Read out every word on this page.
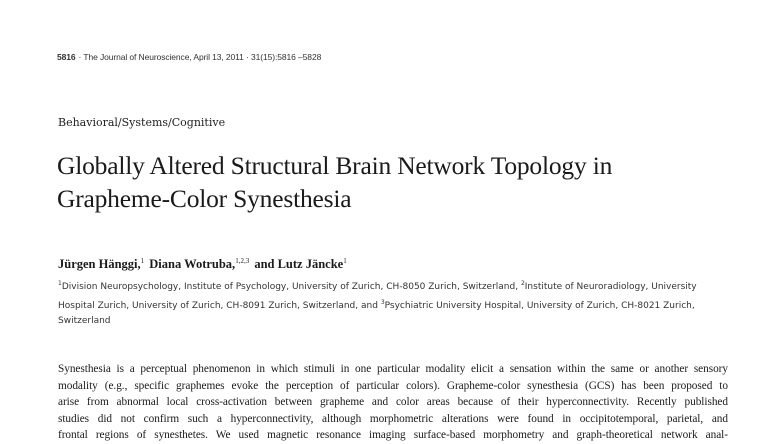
5816 · The Journal of Neuroscience, April 13, 2011 · 31(15):5816 –5828
Behavioral/Systems/Cognitive
Globally Altered Structural Brain Network Topology in
Grapheme-Color Synesthesia
Jürgen Hänggi,$^1$ Diana Wotruba,$^{1,2,3}$ and Lutz Jäncke$^1$
$^1$Division Neuropsychology, Institute of Psychology, University of Zurich, CH-8050 Zurich, Switzerland, $^2$Institute of Neuroradiology, University Hospital Zurich, University of Zurich, CH-8091 Zurich, Switzerland, and $^3$Psychiatric University Hospital, University of Zurich, CH-8021 Zurich, Switzerland
Synesthesia is a perceptual phenomenon in which stimuli in one particular modality elicit a sensation within the same or another sensory
modality (e.g., specific graphemes evoke the perception of particular colors). Grapheme-color synesthesia (GCS) has been proposed to
arise from abnormal local cross-activation between grapheme and color areas because of their hyperconnectivity. Recently published
studies did not confirm such a hyperconnectivity, although morphometric alterations were found in occipitotemporal, parietal, and
frontal regions of synesthetes. We used magnetic resonance imaging surface-based morphometry and graph-theoretical network anal-
